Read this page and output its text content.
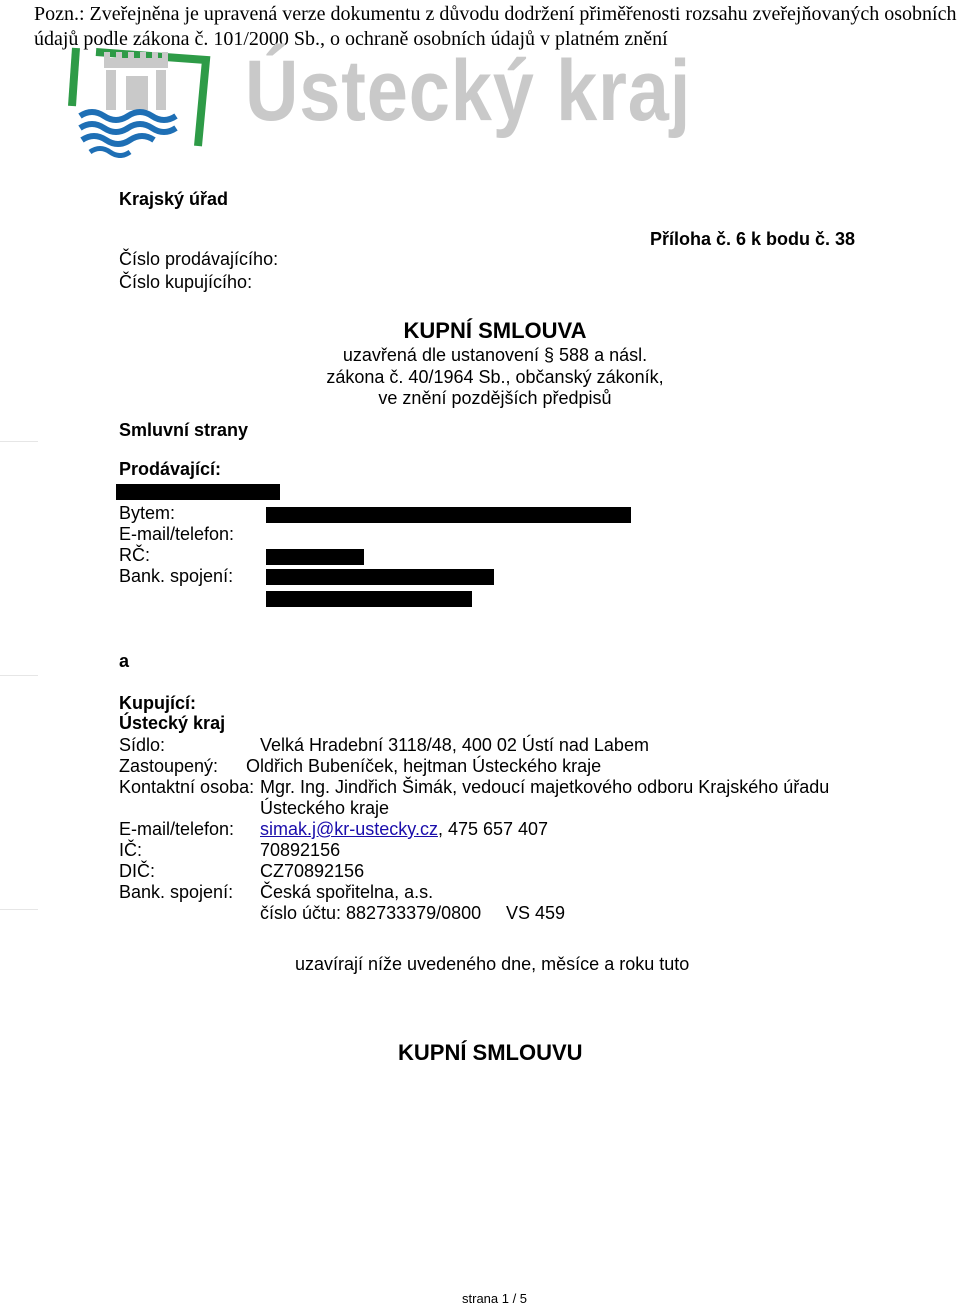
Pozn.: Zveřejněna je upravená verze dokumentu z důvodu dodržení přiměřenosti rozsahu zveřejňovaných osobních
údajů podle zákona č. 101/2000 Sb., o ochraně osobních údajů v platném znění
Ústecký kraj
Krajský úřad
Číslo prodávajícího:
Číslo kupujícího:
Příloha č. 6 k bodu č. 38
KUPNÍ SMLOUVA
uzavřená dle ustanovení § 588 a násl.
zákona č. 40/1964 Sb., občanský zákoník,
ve znění pozdějších předpisů
Smluvní strany
Prodávající:
Bytem:
E-mail/telefon:
RČ:
Bank. spojení:
a
Kupující:
Ústecký kraj
Sídlo:	Velká Hradební 3118/48, 400 02 Ústí nad Labem
Zastoupený: Oldřich Bubeníček, hejtman Ústeckého kraje
Kontaktní osoba: Mgr. Ing. Jindřich Šimák, vedoucí majetkového odboru Krajského úřadu
Ústeckého kraje
E-mail/telefon: simak.j@kr-ustecky.cz, 475 657 407
IČ:	70892156
DIČ:	CZ70892156
Bank. spojení: Česká spořitelna, a.s.
číslo účtu: 882733379/0800 VS 459
uzavírají níže uvedeného dne, měsíce a roku tuto
KUPNÍ SMLOUVU
strana 1 / 5
